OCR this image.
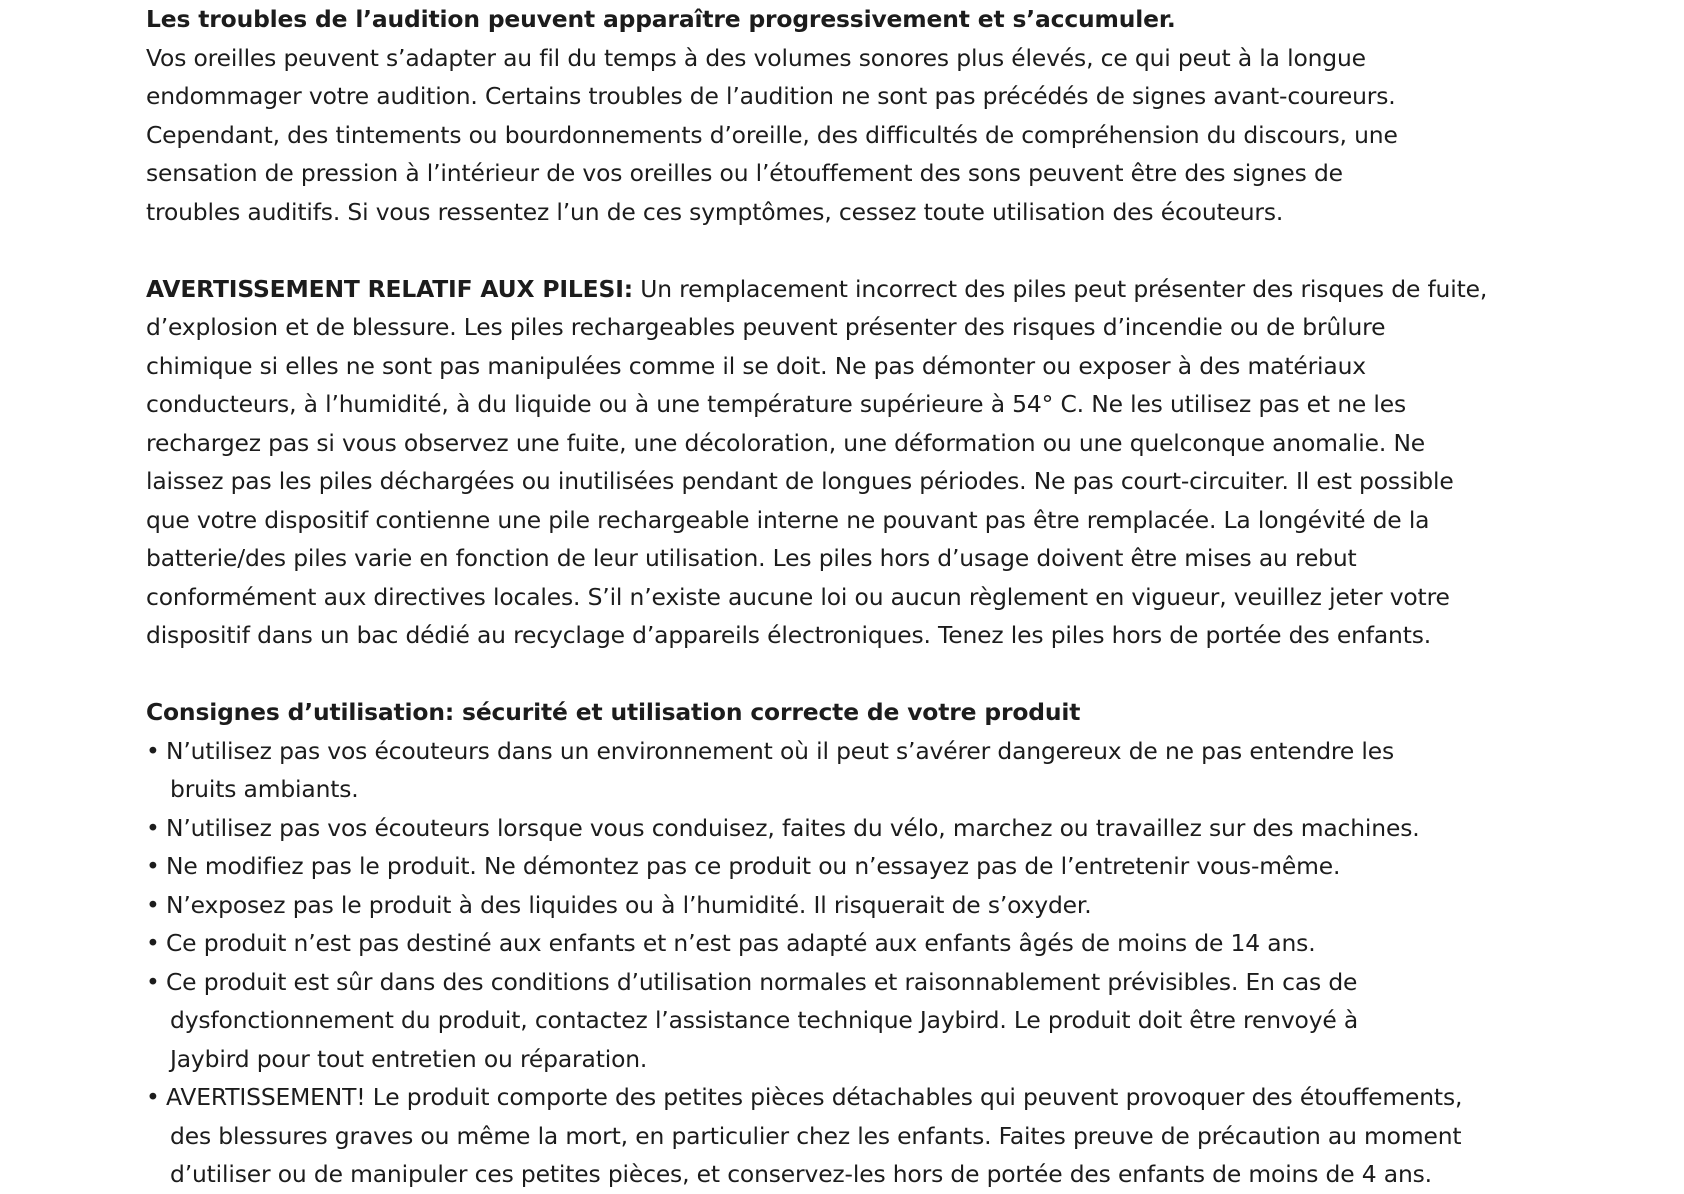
Les troubles de l’audition peuvent apparaître progressivement et s’accumuler.
Vos oreilles peuvent s’adapter au fil du temps à des volumes sonores plus élevés, ce qui peut à la longue
endommager votre audition. Certains troubles de l’audition ne sont pas précédés de signes avant-coureurs.
Cependant, des tintements ou bourdonnements d’oreille, des difficultés de compréhension du discours, une
sensation de pression à l’intérieur de vos oreilles ou l’étouffement des sons peuvent être des signes de
troubles auditifs. Si vous ressentez l’un de ces symptômes, cessez toute utilisation des écouteurs.
AVERTISSEMENT RELATIF AUX PILESI: Un remplacement incorrect des piles peut présenter des risques de fuite,
d’explosion et de blessure. Les piles rechargeables peuvent présenter des risques d’incendie ou de brûlure
chimique si elles ne sont pas manipulées comme il se doit. Ne pas démonter ou exposer à des matériaux
conducteurs, à l’humidité, à du liquide ou à une température supérieure à 54° C. Ne les utilisez pas et ne les
rechargez pas si vous observez une fuite, une décoloration, une déformation ou une quelconque anomalie. Ne
laissez pas les piles déchargées ou inutilisées pendant de longues périodes. Ne pas court-circuiter. Il est possible
que votre dispositif contienne une pile rechargeable interne ne pouvant pas être remplacée. La longévité de la
batterie/des piles varie en fonction de leur utilisation. Les piles hors d’usage doivent être mises au rebut
conformément aux directives locales. S’il n’existe aucune loi ou aucun règlement en vigueur, veuillez jeter votre
dispositif dans un bac dédié au recyclage d’appareils électroniques. Tenez les piles hors de portée des enfants.
Consignes d’utilisation: sécurité et utilisation correcte de votre produit
• N’utilisez pas vos écouteurs dans un environnement où il peut s’avérer dangereux de ne pas entendre les
bruits ambiants.
• N’utilisez pas vos écouteurs lorsque vous conduisez, faites du vélo, marchez ou travaillez sur des machines.
• Ne modifiez pas le produit. Ne démontez pas ce produit ou n’essayez pas de l’entretenir vous-même.
• N’exposez pas le produit à des liquides ou à l’humidité. Il risquerait de s’oxyder.
• Ce produit n’est pas destiné aux enfants et n’est pas adapté aux enfants âgés de moins de 14 ans.
• Ce produit est sûr dans des conditions d’utilisation normales et raisonnablement prévisibles. En cas de
dysfonctionnement du produit, contactez l’assistance technique Jaybird. Le produit doit être renvoyé à
Jaybird pour tout entretien ou réparation.
• AVERTISSEMENT! Le produit comporte des petites pièces détachables qui peuvent provoquer des étouffements,
des blessures graves ou même la mort, en particulier chez les enfants. Faites preuve de précaution au moment
d’utiliser ou de manipuler ces petites pièces, et conservez-les hors de portée des enfants de moins de 4 ans.
